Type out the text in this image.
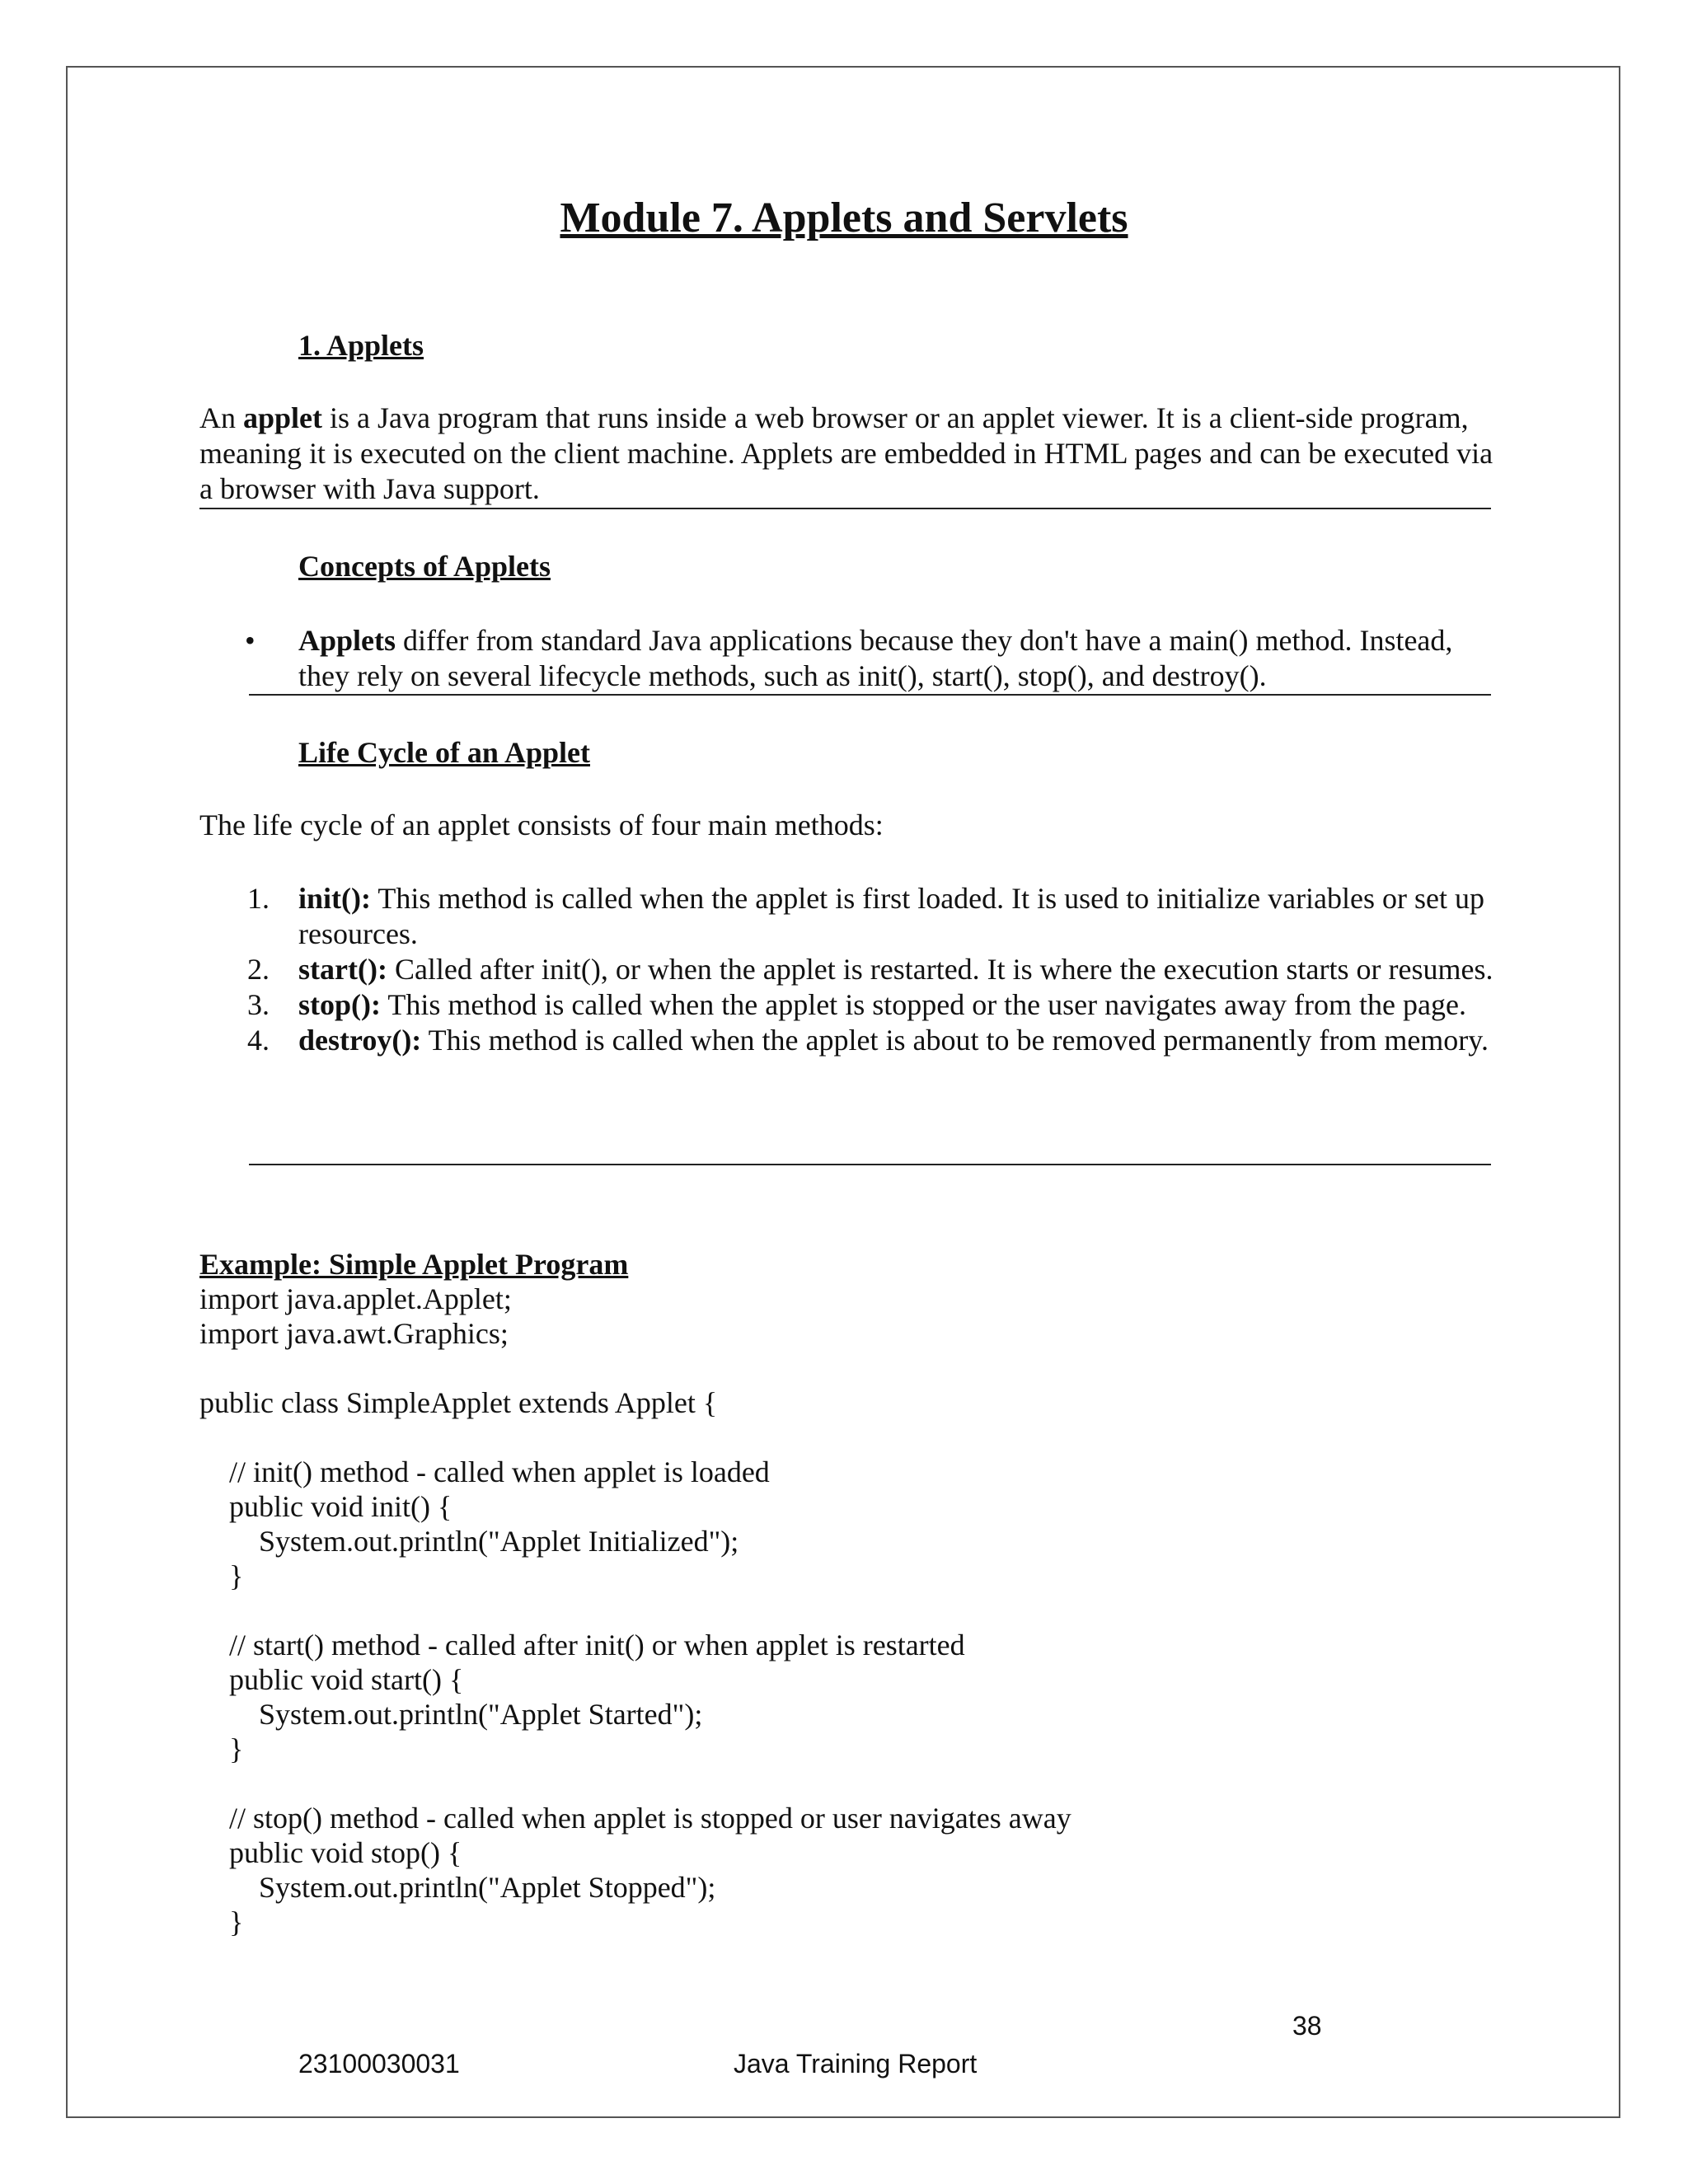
Module 7. Applets and Servlets
1. Applets

An applet is a Java program that runs inside a web browser or an applet viewer. It is a client-side program, meaning it is executed on the client machine. Applets are embedded in HTML pages and can be executed via a browser with Java support.

Concepts of Applets
• Applets differ from standard Java applications because they don't have a main() method. Instead, they rely on several lifecycle methods, such as init(), start(), stop(), and destroy().
Life Cycle of an Applet

The life cycle of an applet consists of four main methods:

1. init(): This method is called when the applet is first loaded. It is used to initialize variables or set up resources.
2. start(): Called after init(), or when the applet is restarted. It is where the execution starts or resumes.
3. stop(): This method is called when the applet is stopped or the user navigates away from the page.
4. destroy(): This method is called when the applet is about to be removed permanently from memory.
Example: Simple Applet Program
import java.applet.Applet;
import java.awt.Graphics;

public class SimpleApplet extends Applet {

// init() method - called when applet is loaded
public void init() {
System.out.println("Applet Initialized");
}

// start() method - called after init() or when applet is restarted
public void start() {
System.out.println("Applet Started");
}

// stop() method - called when applet is stopped or user navigates away
public void stop() {
System.out.println("Applet Stopped");
}
38
23100030031	Java Training Report
